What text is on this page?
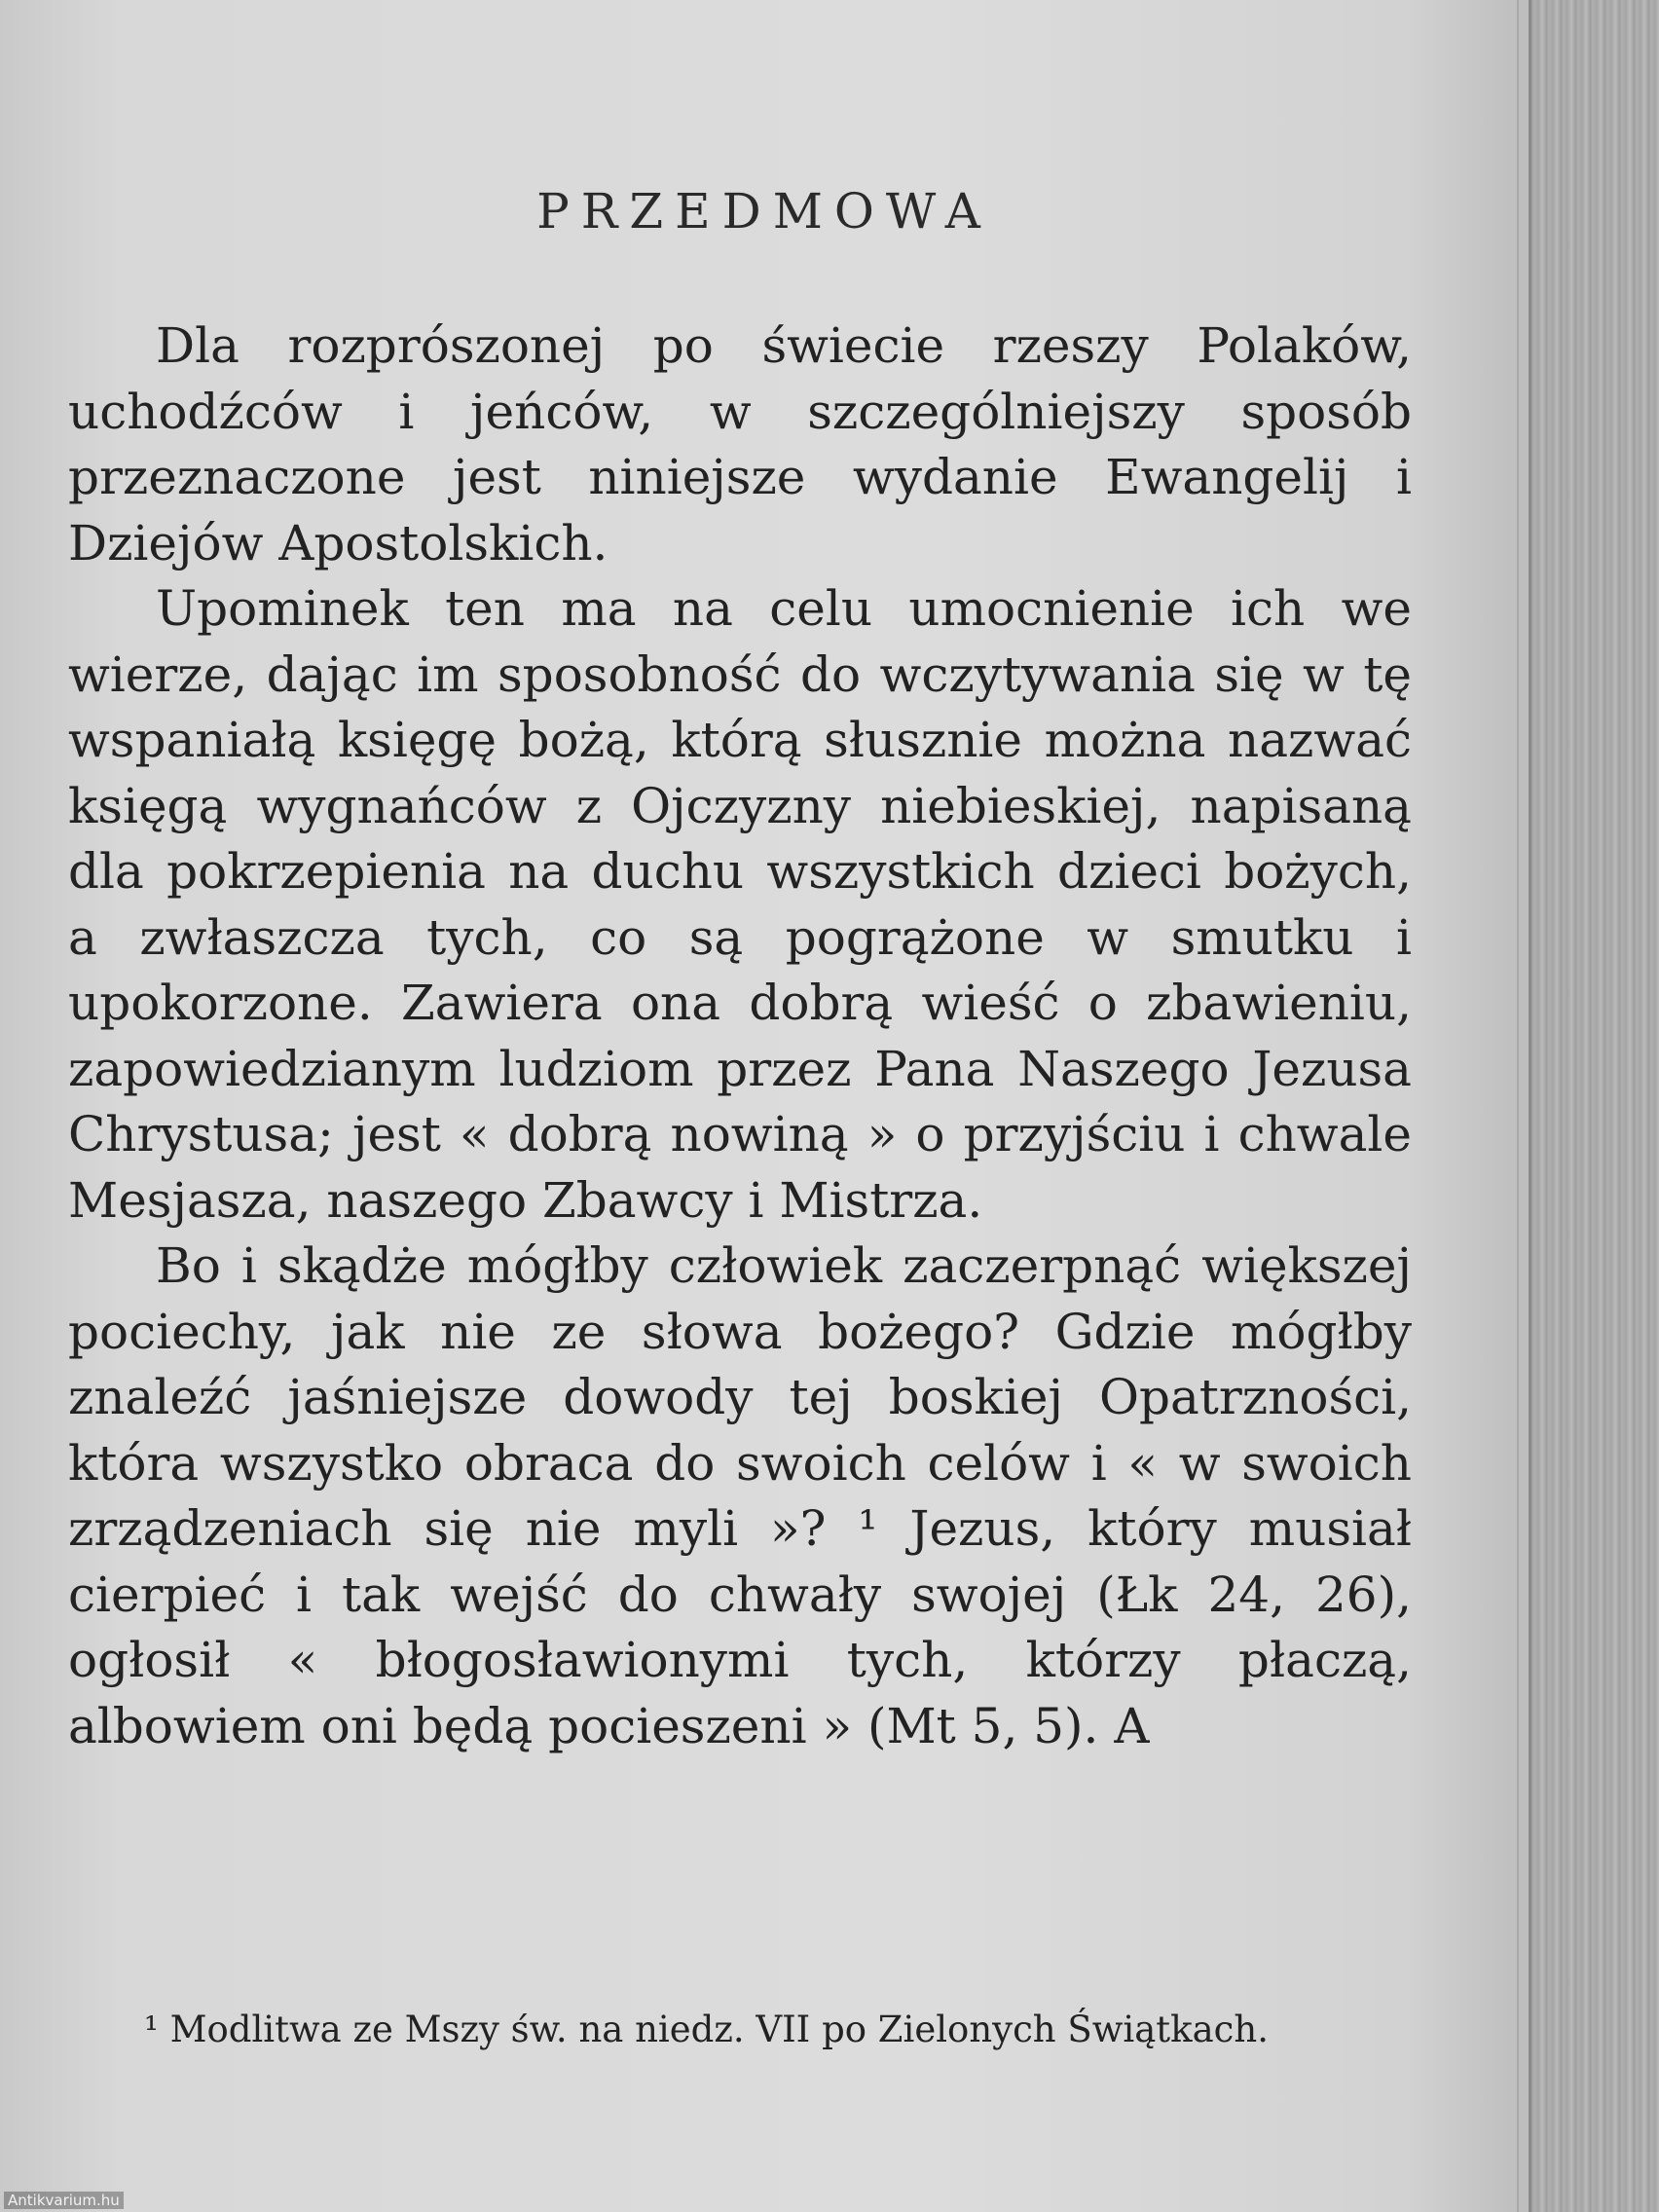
PRZEDMOWA

Dla rozprószonej po świecie rzeszy Polaków, uchodźców i jeńców, w szczególniejszy sposób przeznaczone jest niniejsze wydanie Ewangelij i Dziejów Apostolskich.

Upominek ten ma na celu umocnienie ich we wierze, dając im sposobność do wczytywania się w tę wspaniałą księgę bożą, którą słusznie można nazwać księgą wygnańców z Ojczyzny niebieskiej, napisaną dla pokrzepienia na duchu wszystkich dzieci bożych, a zwłaszcza tych, co są pogrążone w smutku i upokorzone. Zawiera ona dobrą wieść o zbawieniu, zapowiedzianym ludziom przez Pana Naszego Jezusa Chrystusa; jest « dobrą nowiną » o przyjściu i chwale Mesjasza, naszego Zbawcy i Mistrza.

Bo i skądże mógłby człowiek zaczerpnąć większej pociechy, jak nie ze słowa bożego? Gdzie mógłby znaleźć jaśniejsze dowody tej boskiej Opatrzności, która wszystko obraca do swoich celów i « w swoich zrządzeniach się nie myli »? ¹ Jezus, który musiał cierpieć i tak wejść do chwały swojej (Łk 24, 26), ogłosił « błogosławionymi tych, którzy płaczą, albowiem oni będą pocieszeni » (Mt 5, 5). A

¹ Modlitwa ze Mszy św. na niedz. VII po Zielonych Świątkach.
Antikvarium.hu
